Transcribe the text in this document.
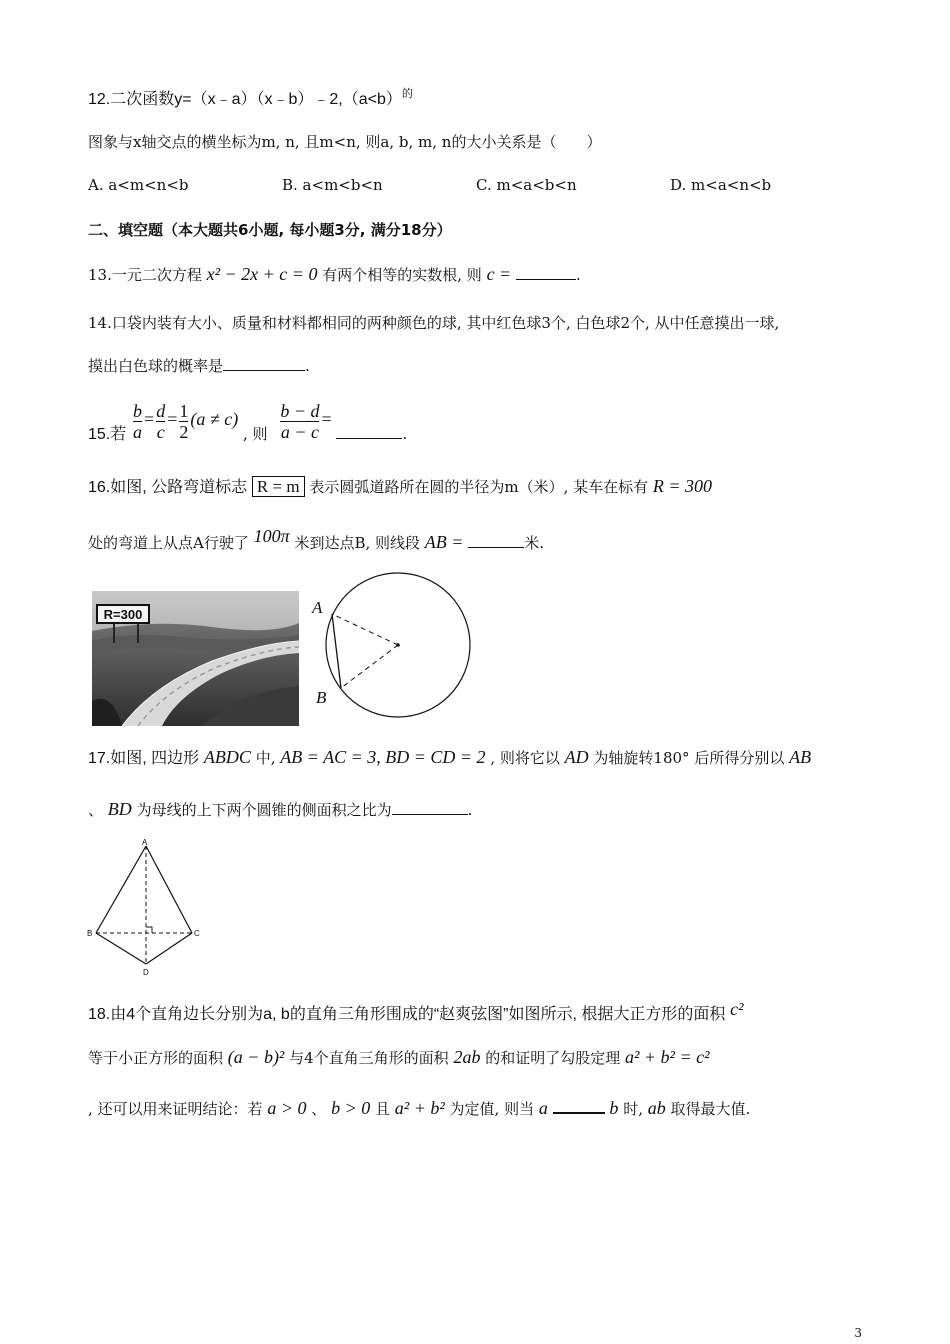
12.二次函数y=（x﹣a）（x﹣b）﹣2,（a<b）$^的$
图象与x轴交点的横坐标为m, n, 且m<n, 则a, b, m, n的大小关系是（　　）
A. a<m<n<b	B. a<m<b<n	C. m<a<b<n	D. m<a<n<b
二、填空题（本大题共6小题, 每小题3分, 满分18分）
13.一元二次方程 x² − 2x + c = 0 有两个相等的实数根, 则 c =	.
14.口袋内装有大小、质量和材料都相同的两种颜色的球, 其中红色球3个, 白色球2个, 从中任意摸出一球,
摸出白色球的概率是	.
15.若 $\frac{b}{a} = \frac{d}{c} = \frac{1}{2} (a \ne c)$ , 则 $\frac{b - d}{a - c}$ = .
16.如图, 公路弯道标志 R = m 表示圆弧道路所在圆的半径为m（米）, 某车在标有 R = 300
处的弯道上从点A行驶了 100π 米到达点B, 则线段 AB =	米.
R=300	A
B
17.如图, 四边形 ABDC 中, AB = AC = 3, BD = CD = 2 , 则将它以 AD 为轴旋转180° 后所得分别以 AB
、 BD 为母线的上下两个圆锥的侧面积之比为	.
A
B	C
D
18.由4个直角边长分别为a, b的直角三角形围成的“赵爽弦图”如图所示, 根据大正方形的面积 c²
等于小正方形的面积 (a − b)² 与4个直角三角形的面积 2ab 的和证明了勾股定理 a² + b² = c²
, 还可以用来证明结论：若 a > 0 、 b > 0 且 a² + b² 为定值, 则当 a	b 时, ab 取得最大值.
3
